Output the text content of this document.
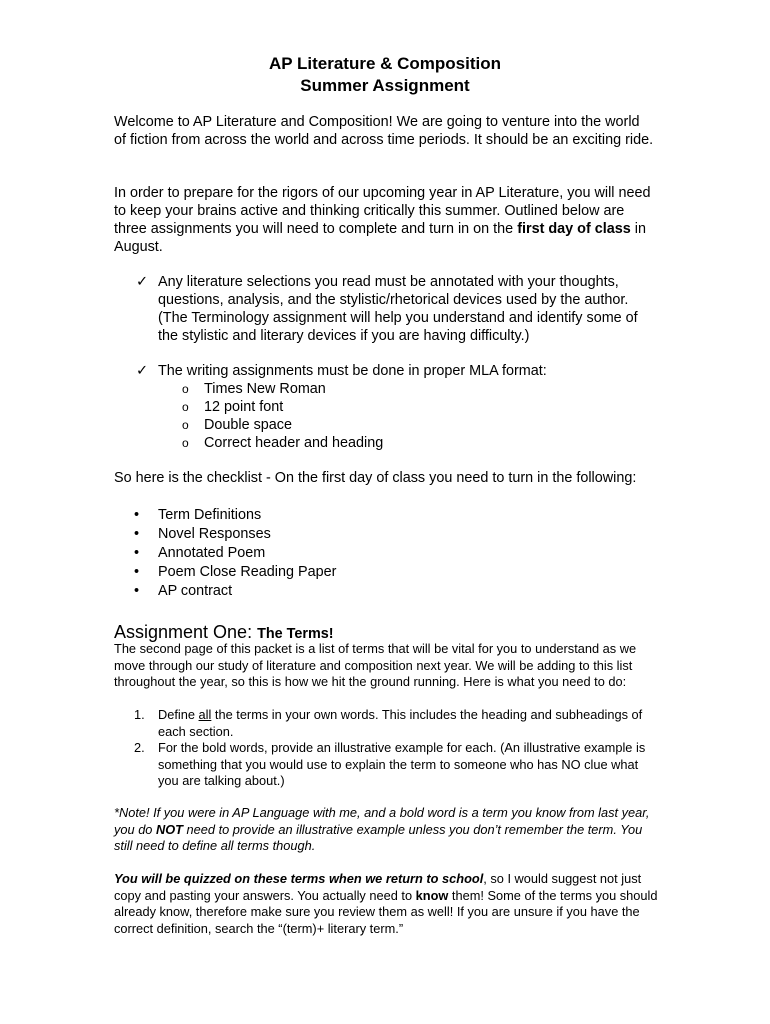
AP Literature & Composition
Summer Assignment
Welcome to AP Literature and Composition! We are going to venture into the world of fiction from across the world and across time periods. It should be an exciting ride.
In order to prepare for the rigors of our upcoming year in AP Literature, you will need to keep your brains active and thinking critically this summer. Outlined below are three assignments you will need to complete and turn in on the first day of class in August.
✓ Any literature selections you read must be annotated with your thoughts, questions, analysis, and the stylistic/rhetorical devices used by the author. (The Terminology assignment will help you understand and identify some of the stylistic and literary devices if you are having difficulty.)
✓ The writing assignments must be done in proper MLA format:
o Times New Roman
o 12 point font
o Double space
o Correct header and heading
So here is the checklist - On the first day of class you need to turn in the following:
• Term Definitions
• Novel Responses
• Annotated Poem
• Poem Close Reading Paper
• AP contract
Assignment One: The Terms!
The second page of this packet is a list of terms that will be vital for you to understand as we move through our study of literature and composition next year. We will be adding to this list throughout the year, so this is how we hit the ground running. Here is what you need to do:
1. Define all the terms in your own words. This includes the heading and subheadings of each section.
2. For the bold words, provide an illustrative example for each. (An illustrative example is something that you would use to explain the term to someone who has NO clue what you are talking about.)
*Note! If you were in AP Language with me, and a bold word is a term you know from last year, you do NOT need to provide an illustrative example unless you don’t remember the term. You still need to define all terms though.
You will be quizzed on these terms when we return to school, so I would suggest not just copy and pasting your answers. You actually need to know them! Some of the terms you should already know, therefore make sure you review them as well! If you are unsure if you have the correct definition, search the “(term)+ literary term.”
